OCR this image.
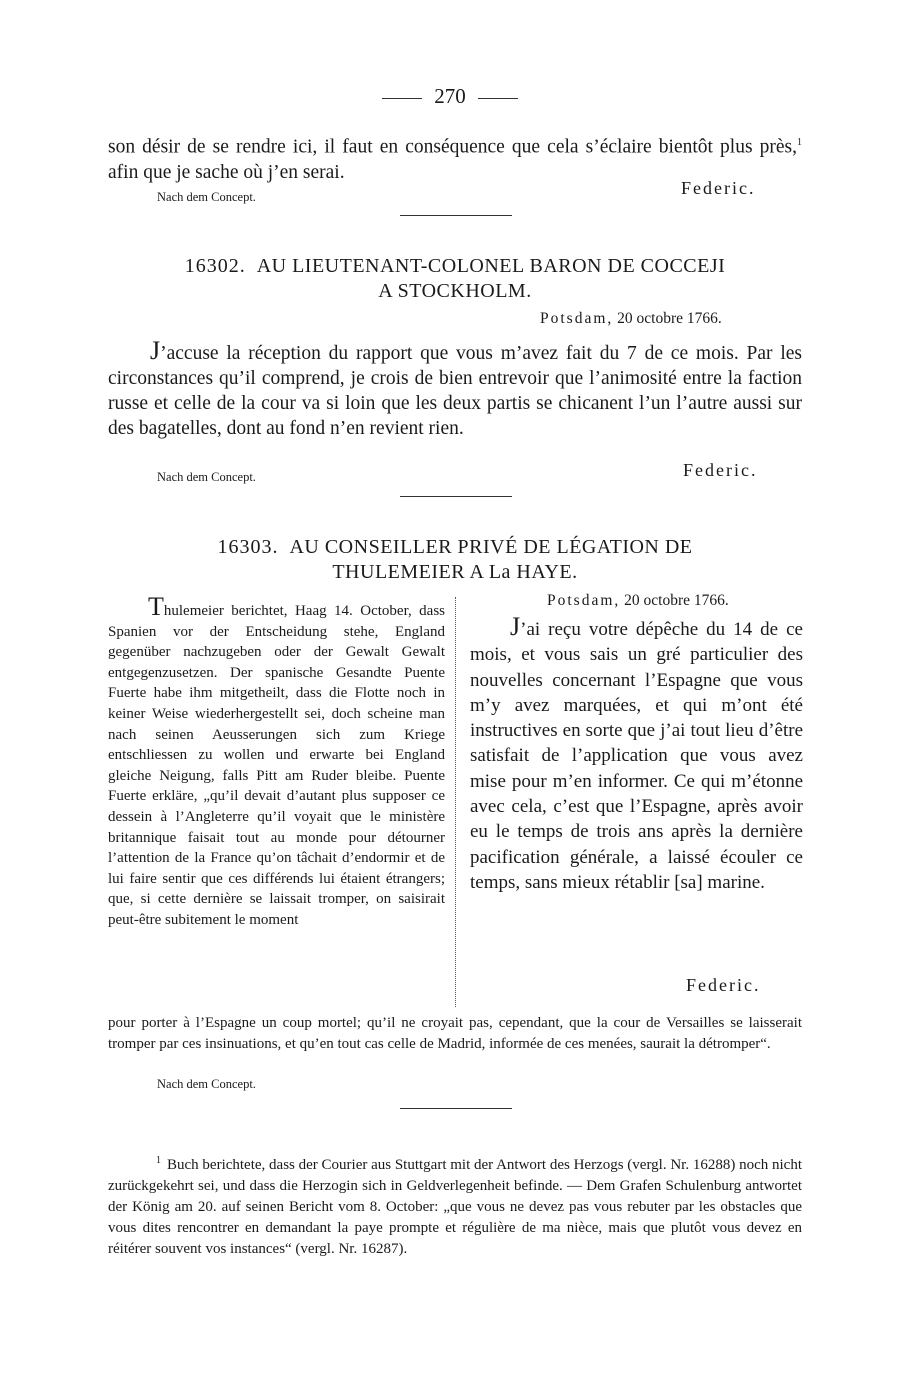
270
son désir de se rendre ici, il faut en conséquence que cela s’éclaire bientôt plus près,$^1$ afin que je sache où j’en serai.
Nach dem Concept.	Federic.
16302. AU LIEUTENANT-COLONEL BARON DE COCCEJI
A STOCKHOLM.
Potsdam, 20 octobre 1766.
J’accuse la réception du rapport que vous m’avez fait du 7 de ce mois. Par les circonstances qu’il comprend, je crois de bien entrevoir que l’animosité entre la faction russe et celle de la cour va si loin que les deux partis se chicanent l’un l’autre aussi sur des bagatelles, dont au fond n’en revient rien.
Nach dem Concept.	Federic.
16303. AU CONSEILLER PRIVÉ DE LÉGATION DE
THULEMEIER A La HAYE.
Thulemeier berichtet, Haag 14. October, dass Spanien vor der Entscheidung stehe, England gegenüber nachzugeben oder der Gewalt Gewalt entgegenzusetzen. Der spanische Gesandte Puente Fuerte habe ihm mitgetheilt, dass die Flotte noch in keiner Weise wiederhergestellt sei, doch scheine man nach seinen Aeusserungen sich zum Kriege entschliessen zu wollen und erwarte bei England gleiche Neigung, falls Pitt am Ruder bleibe. Puente Fuerte erkläre, „qu’il devait d’autant plus supposer ce dessein à l’Angleterre qu’il voyait que le ministère britannique faisait tout au monde pour détourner l’attention de la France qu’on tâchait d’endormir et de lui faire sentir que ces différends lui étaient étrangers; que, si cette dernière se laissait tromper, on saisirait peut-être subitement le moment
Potsdam, 20 octobre 1766.
J’ai reçu votre dépêche du 14 de ce mois, et vous sais un gré particulier des nouvelles concernant l’Espagne que vous m’y avez marquées, et qui m’ont été instructives en sorte que j’ai tout lieu d’être satisfait de l’application que vous avez mise pour m’en informer. Ce qui m’étonne avec cela, c’est que l’Espagne, après avoir eu le temps de trois ans après la dernière pacification générale, a laissé écouler ce temps, sans mieux rétablir [sa] marine.
Federic.
pour porter à l’Espagne un coup mortel; qu’il ne croyait pas, cependant, que la cour de Versailles se laisserait tromper par ces insinuations, et qu’en tout cas celle de Madrid, informée de ces menées, saurait la détromper“.
Nach dem Concept.
$^1$ Buch berichtete, dass der Courier aus Stuttgart mit der Antwort des Herzogs (vergl. Nr. 16288) noch nicht zurückgekehrt sei, und dass die Herzogin sich in Geldverlegenheit befinde. — Dem Grafen Schulenburg antwortet der König am 20. auf seinen Bericht vom 8. October: „que vous ne devez pas vous rebuter par les obstacles que vous dites rencontrer en demandant la paye prompte et régulière de ma nièce, mais que plutôt vous devez en réitérer souvent vos instances“ (vergl. Nr. 16287).
